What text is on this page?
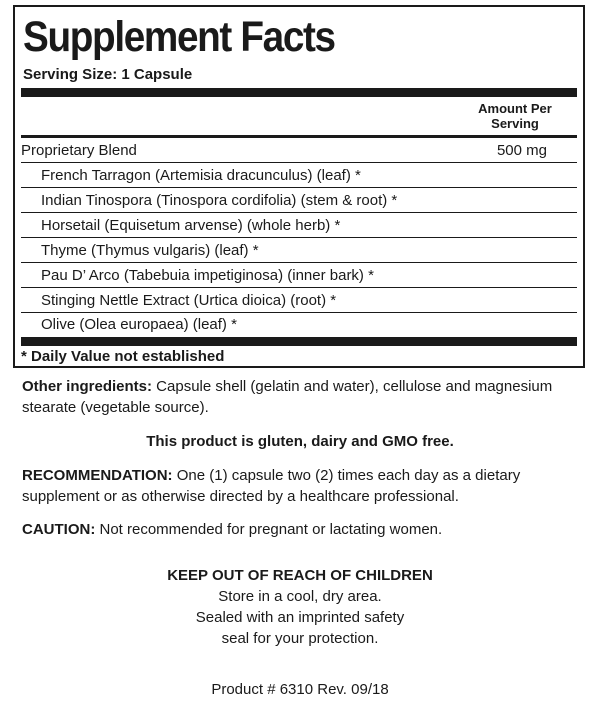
Supplement Facts
Serving Size: 1 Capsule
Amount Per
Serving
Proprietary Blend	500 mg
French Tarragon (Artemisia dracunculus) (leaf) *
Indian Tinospora (Tinospora cordifolia) (stem & root) *
Horsetail (Equisetum arvense) (whole herb) *
Thyme (Thymus vulgaris) (leaf) *
Pau D’ Arco (Tabebuia impetiginosa) (inner bark) *
Stinging Nettle Extract (Urtica dioica) (root) *
Olive (Olea europaea) (leaf) *
* Daily Value not established
Other ingredients: Capsule shell (gelatin and water), cellulose and magnesium
stearate (vegetable source).
This product is gluten, dairy and GMO free.
RECOMMENDATION: One (1) capsule two (2) times each day as a dietary
supplement or as otherwise directed by a healthcare professional.
CAUTION: Not recommended for pregnant or lactating women.
KEEP OUT OF REACH OF CHILDREN
Store in a cool, dry area.
Sealed with an imprinted safety
seal for your protection.
Product # 6310 Rev. 09/18
